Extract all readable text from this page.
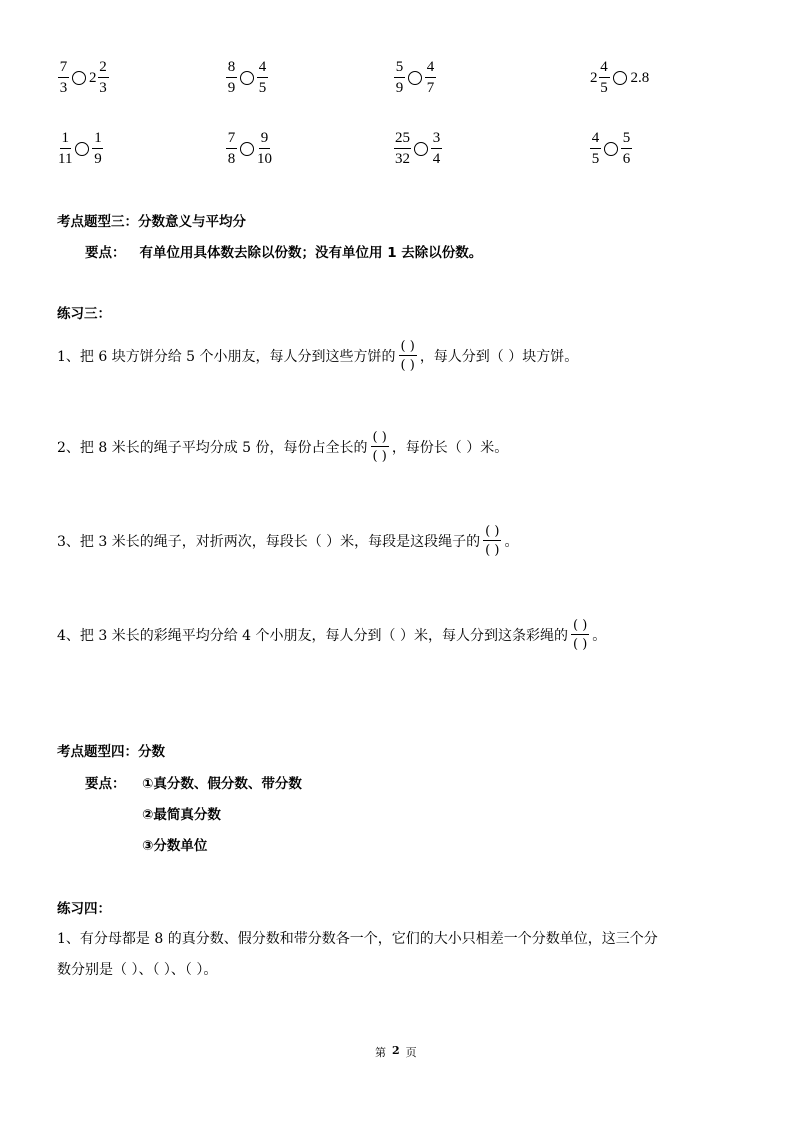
$\frac{7}{3} 2 \frac{2}{3}$	$\frac{8}{9} \frac{4}{5}$	$\frac{5}{9} \frac{4}{7}$	$2 \frac{4}{5} 2.8$
$\frac{1}{11} \frac{1}{9}$	$\frac{7}{8} \frac{9}{10}$	$\frac{25}{32} \frac{3}{4}$	$\frac{4}{5} \frac{5}{6}$
考点题型三：分数意义与平均分
要点： 有单位用具体数去除以份数；没有单位用 1 去除以份数。
练习三：
1、把 6 块方饼分给 5 个小朋友，每人分到这些方饼的 $\frac{( )}{( )}$ ，每人分到（ ）块方饼。
2、把 8 米长的绳子平均分成 5 份，每份占全长的 $\frac{( )}{( )}$ ，每份长（ ）米。
3、把 3 米长的绳子，对折两次，每段长（ ）米，每段是这段绳子的 $\frac{( )}{( )}$ 。
4、把 3 米长的彩绳平均分给 4 个小朋友，每人分到（ ）米，每人分到这条彩绳的 $\frac{( )}{( )}$ 。
考点题型四：分数
要点： ①真分数、假分数、带分数
②最简真分数
③分数单位
练习四：
1、有分母都是 8 的真分数、假分数和带分数各一个，它们的大小只相差一个分数单位，这三个分
数分别是（ ）、（ ）、（ ）。
第 2 页
